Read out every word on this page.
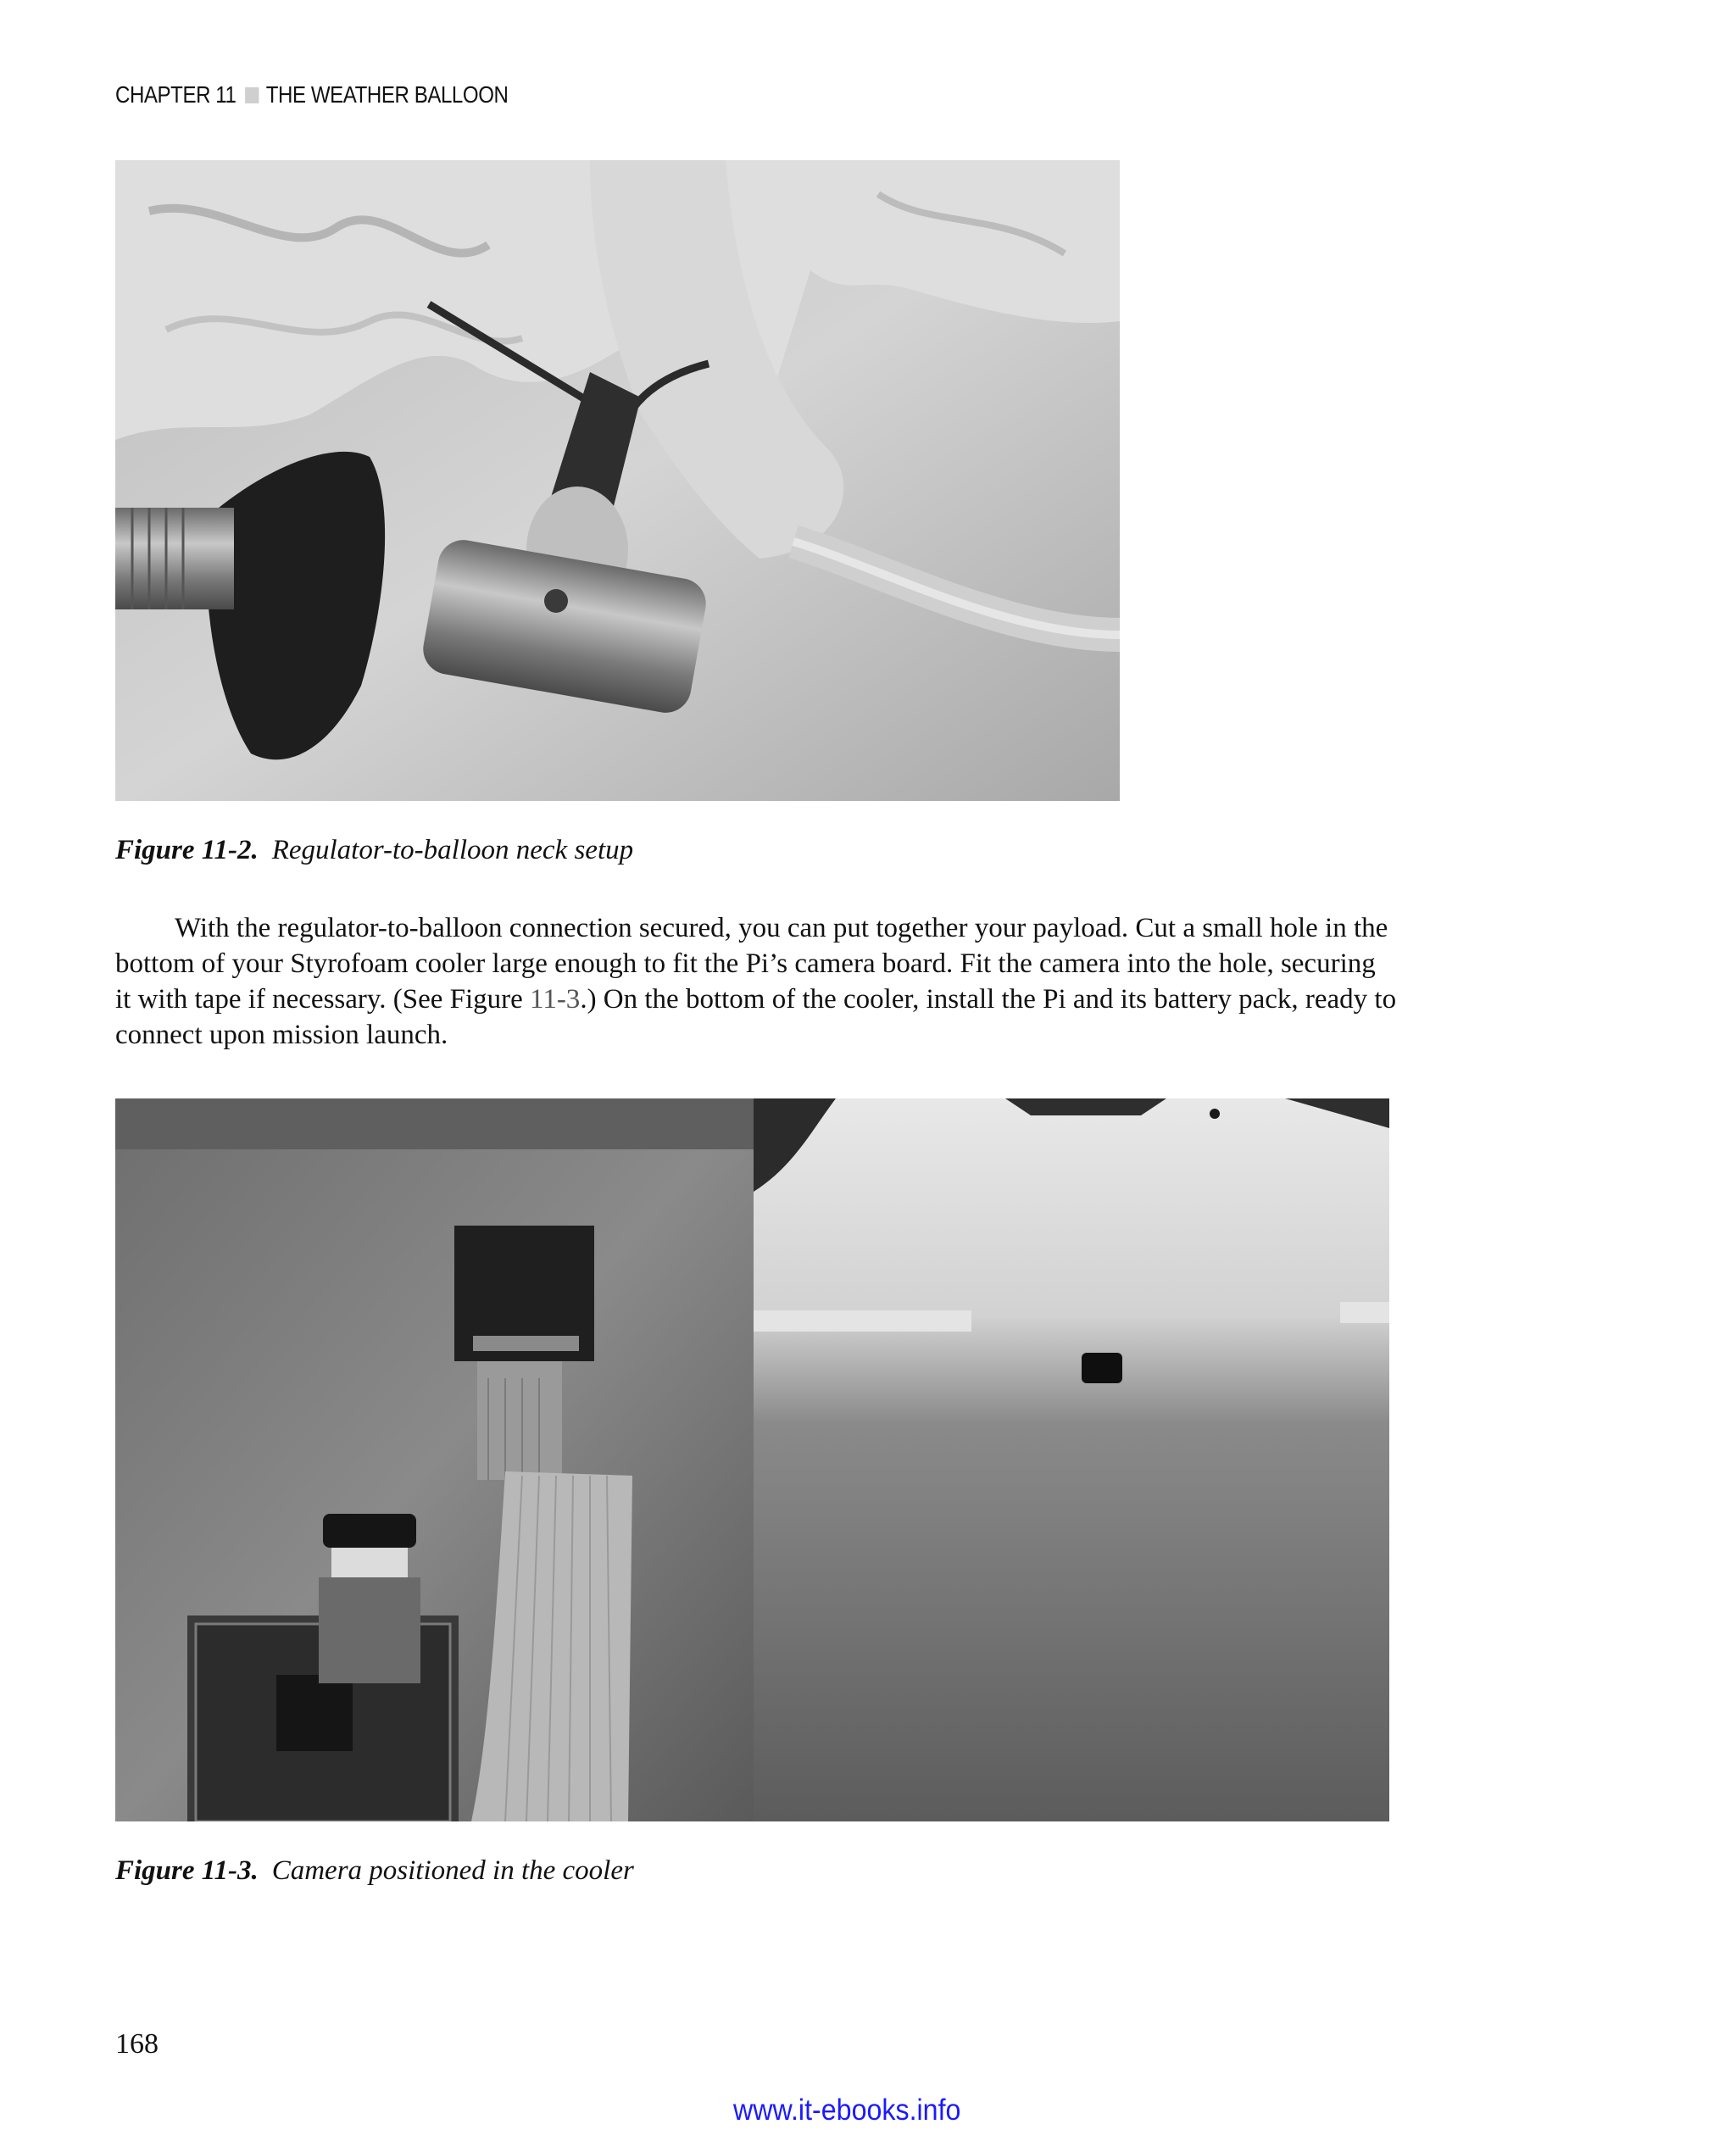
CHAPTER 11 THE WEATHER BALLOON
Figure 11-2. Regulator-to-balloon neck setup
With the regulator-to-balloon connection secured, you can put together your payload. Cut a small hole in the
bottom of your Styrofoam cooler large enough to fit the Pi’s camera board. Fit the camera into the hole, securing
it with tape if necessary. (See Figure 11-3.) On the bottom of the cooler, install the Pi and its battery pack, ready to
connect upon mission launch.
Figure 11-3. Camera positioned in the cooler
168
www.it-ebooks.info
